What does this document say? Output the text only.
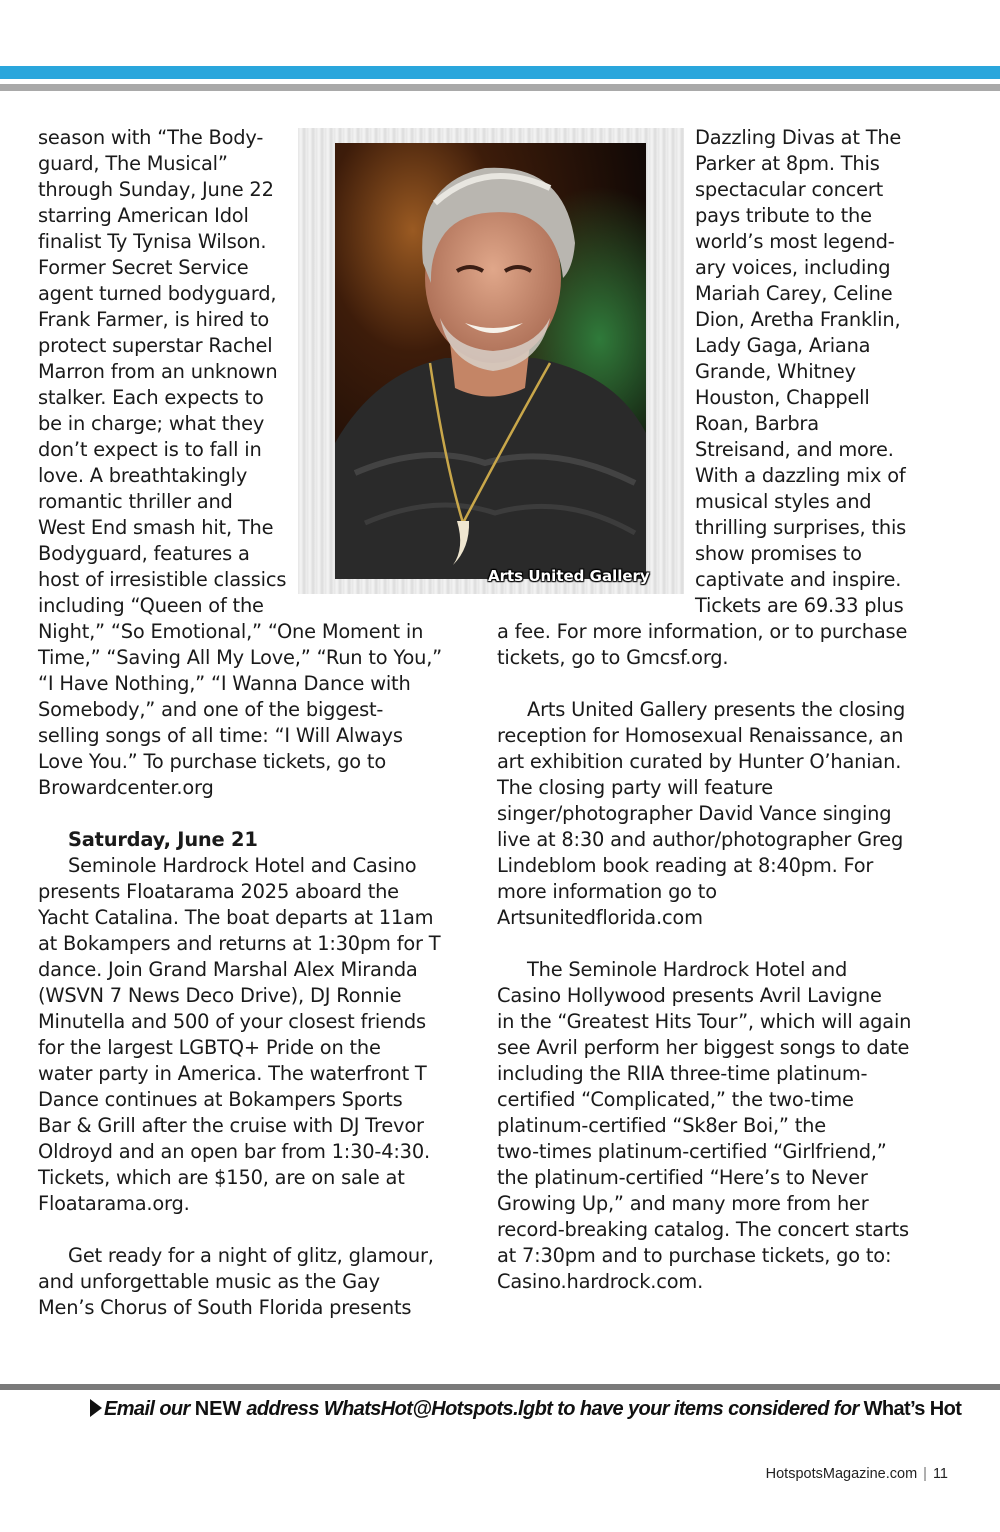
season with “The Body-
guard, The Musical”
through Sunday, June 22
starring American Idol
finalist Ty Tynisa Wilson.
Former Secret Service
agent turned bodyguard,
Frank Farmer, is hired to
protect superstar Rachel
Marron from an unknown
stalker. Each expects to
be in charge; what they
don’t expect is to fall in
love. A breathtakingly
romantic thriller and
West End smash hit, The
Bodyguard, features a
host of irresistible classics
including “Queen of the
Night,” “So Emotional,” “One Moment in
Time,” “Saving All My Love,” “Run to You,”
“I Have Nothing,” “I Wanna Dance with
Somebody,” and one of the biggest-
selling songs of all time: “I Will Always
Love You.” To purchase tickets, go to
Browardcenter.org
Saturday, June 21
Seminole Hardrock Hotel and Casino
presents Floatarama 2025 aboard the
Yacht Catalina. The boat departs at 11am
at Bokampers and returns at 1:30pm for T
dance. Join Grand Marshal Alex Miranda
(WSVN 7 News Deco Drive), DJ Ronnie
Minutella and 500 of your closest friends
for the largest LGBTQ+ Pride on the
water party in America. The waterfront T
Dance continues at Bokampers Sports
Bar & Grill after the cruise with DJ Trevor
Oldroyd and an open bar from 1:30-4:30.
Tickets, which are $150, are on sale at
Floatarama.org.
Get ready for a night of glitz, glamour,
and unforgettable music as the Gay
Men’s Chorus of South Florida presents
Arts United Gallery
Dazzling Divas at The
Parker at 8pm. This
spectacular concert
pays tribute to the
world’s most legend-
ary voices, including
Mariah Carey, Celine
Dion, Aretha Franklin,
Lady Gaga, Ariana
Grande, Whitney
Houston, Chappell
Roan, Barbra
Streisand, and more.
With a dazzling mix of
musical styles and
thrilling surprises, this
show promises to
captivate and inspire.
Tickets are 69.33 plus
a fee. For more information, or to purchase
tickets, go to Gmcsf.org.
Arts United Gallery presents the closing
reception for Homosexual Renaissance, an
art exhibition curated by Hunter O’hanian.
The closing party will feature
singer/photographer David Vance singing
live at 8:30 and author/photographer Greg
Lindeblom book reading at 8:40pm. For
more information go to
Artsunitedflorida.com
The Seminole Hardrock Hotel and
Casino Hollywood presents Avril Lavigne
in the “Greatest Hits Tour”, which will again
see Avril perform her biggest songs to date
including the RIIA three-time platinum-
certified “Complicated,” the two-time
platinum-certified “Sk8er Boi,” the
two-times platinum-certified “Girlfriend,”
the platinum-certified “Here’s to Never
Growing Up,” and many more from her
record-breaking catalog. The concert starts
at 7:30pm and to purchase tickets, go to:
Casino.hardrock.com.
Email our NEW address WhatsHot@Hotspots.lgbt to have your items considered for What’s Hot
HotspotsMagazine.com | 11
